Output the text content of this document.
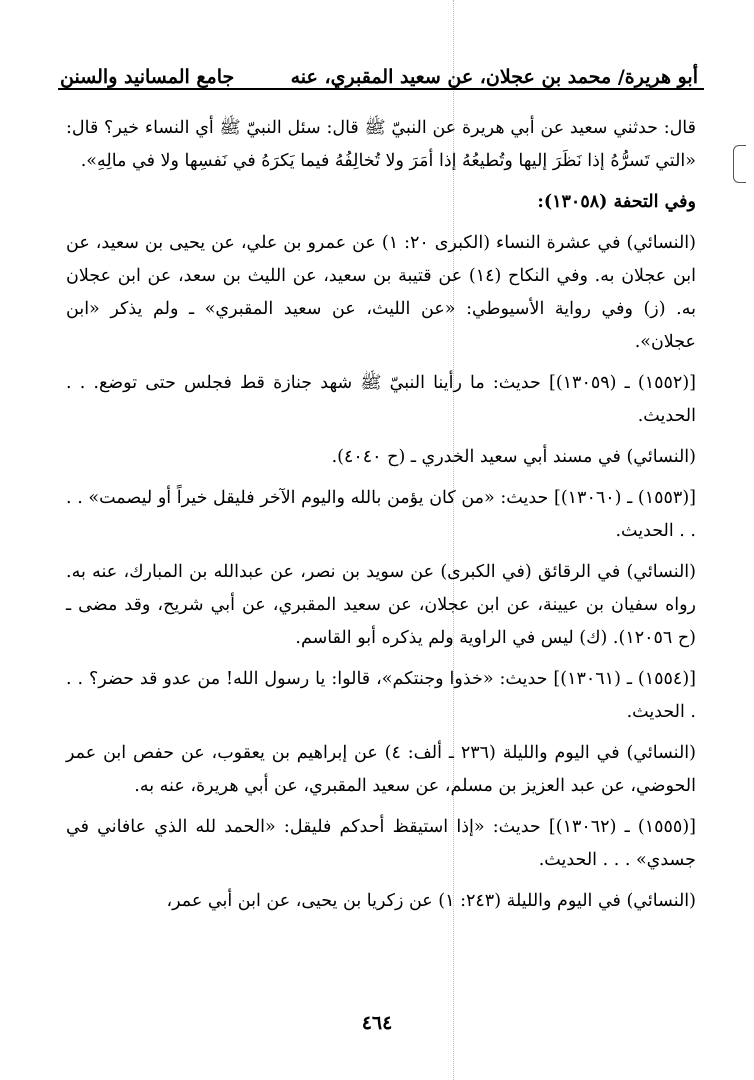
أبو هريرة/ محمد بن عجلان، عن سعيد المقبري، عنه
جامع المسانيد والسنن

قال: حدثني سعيد عن أبي هريرة عن النبيّ ﷺ قال: سئل النبيّ ﷺ أي النساء خير؟ قال: «التي تَسرُّهُ إذا نَظَرَ إليها وتُطيعُهُ إذا أمَرَ ولا تُخالِفُهُ فيما يَكرَهُ في نَفسِها ولا في مالِهِ».

وفي التحفة (١٣٠٥٨):

(النسائي) في عشرة النساء (الكبرى ٢٠: ١) عن عمرو بن علي، عن يحيى بن سعيد، عن ابن عجلان به. وفي النكاح (١٤) عن قتيبة بن سعيد، عن الليث بن سعد، عن ابن عجلان به. (ز) وفي رواية الأسيوطي: «عن الليث، عن سعيد المقبري» ـ ولم يذكر «ابن عجلان».

[(١٥٥٢) ـ (١٣٠٥٩)] حديث: ما رأينا النبيّ ﷺ شهد جنازة قط فجلس حتى توضع. . . الحديث.

(النسائي) في مسند أبي سعيد الخدري ـ (ح ٤٠٤٠).

[(١٥٥٣) ـ (١٣٠٦٠)] حديث: «من كان يؤمن بالله واليوم الآخر فليقل خيراً أو ليصمت» . . . . الحديث.

(النسائي) في الرقائق (في الكبرى) عن سويد بن نصر، عن عبدالله بن المبارك، عنه به. رواه سفيان بن عيينة، عن ابن عجلان، عن سعيد المقبري، عن أبي شريح، وقد مضى ـ (ح ١٢٠٥٦). (ك) ليس في الراوية ولم يذكره أبو القاسم.

[(١٥٥٤) ـ (١٣٠٦١)] حديث: «خذوا وجنتكم»، قالوا: يا رسول الله! من عدو قد حضر؟ . . . الحديث.

(النسائي) في اليوم والليلة (٢٣٦ ـ ألف: ٤) عن إبراهيم بن يعقوب، عن حفص ابن عمر الحوضي، عن عبد العزيز بن مسلم، عن سعيد المقبري، عن أبي هريرة، عنه به.

[(١٥٥٥) ـ (١٣٠٦٢)] حديث: «إذا استيقظ أحدكم فليقل: «الحمد لله الذي عافاني في جسدي» . . . الحديث.

(النسائي) في اليوم والليلة (٢٤٣: ١) عن زكريا بن يحيى، عن ابن أبي عمر،

٤٦٤
